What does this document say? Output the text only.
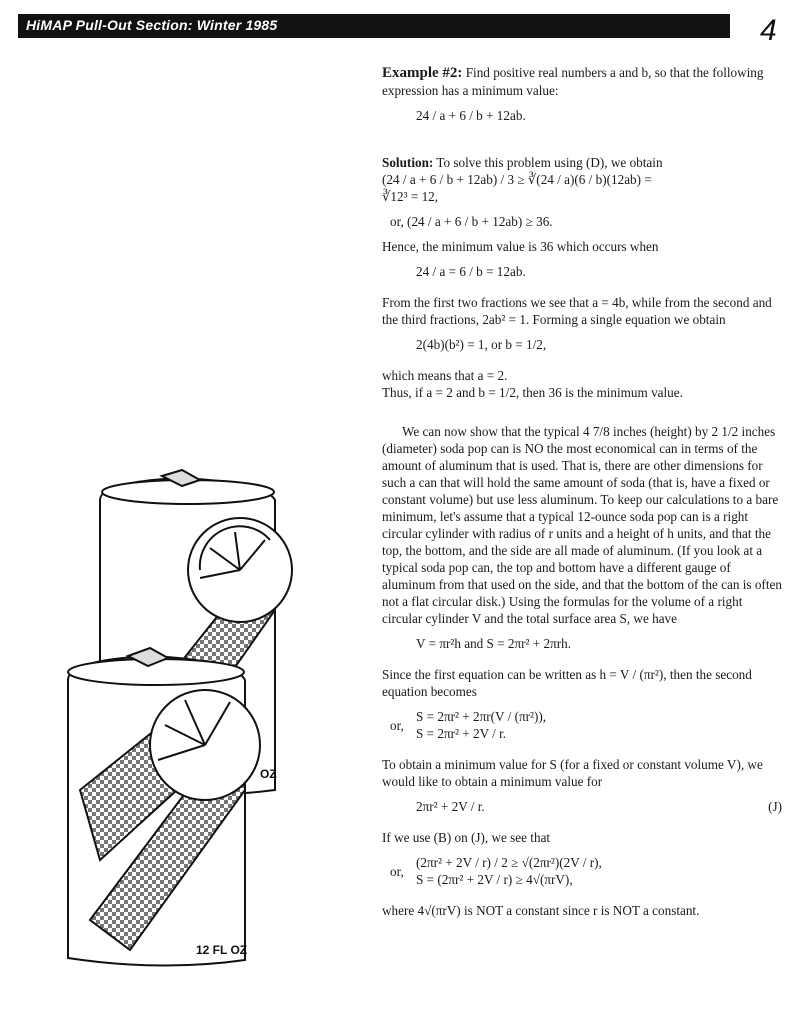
HiMAP Pull-Out Section: Winter 1985	4
OZ
12 FL OZ

Example #2: Find positive real numbers a and b, so that the following expression has a minimum value:

24 / a + 6 / b + 12ab.

Solution: To solve this problem using (D), we obtain

(24 / a + 6 / b + 12ab) / 3 ≥ ∛(24 / a)(6 / b)(12ab) =

∛12³ = 12,

or, (24 / a + 6 / b + 12ab) ≥ 36.

Hence, the minimum value is 36 which occurs when

24 / a = 6 / b = 12ab.

From the first two fractions we see that a = 4b, while from the second and the third fractions, 2ab² = 1. Forming a single equation we obtain

2(4b)(b²) = 1, or b = 1/2,

which means that a = 2.

Thus, if a = 2 and b = 1/2, then 36 is the minimum value.

We can now show that the typical 4 7/8 inches (height) by 2 1/2 inches (diameter) soda pop can is NO the most economical can in terms of the amount of aluminum that is used. That is, there are other dimensions for such a can that will hold the same amount of soda (that is, have a fixed or constant volume) but use less aluminum. To keep our calculations to a bare minimum, let's assume that a typical 12-ounce soda pop can is a right circular cylinder with radius of r units and a height of h units, and that the top, the bottom, and the side are all made of aluminum. (If you look at a typical soda pop can, the top and bottom have a different gauge of aluminum from that used on the side, and that the bottom of the can is often not a flat circular disk.) Using the formulas for the volume of a right circular cylinder V and the total surface area S, we have

V = πr²h and S = 2πr² + 2πrh.

Since the first equation can be written as h = V / (πr²), then the second equation becomes

or,
S = 2πr² + 2πr(V / (πr²)),
S = 2πr² + 2V / r.

To obtain a minimum value for S (for a fixed or constant volume V), we would like to obtain a minimum value for

2πr² + 2V / r.	(J)

If we use (B) on (J), we see that

or,
(2πr² + 2V / r) / 2 ≥ √(2πr²)(2V / r),
S = (2πr² + 2V / r) ≥ 4√(πrV),

where 4√(πrV) is NOT a constant since r is NOT a constant.
